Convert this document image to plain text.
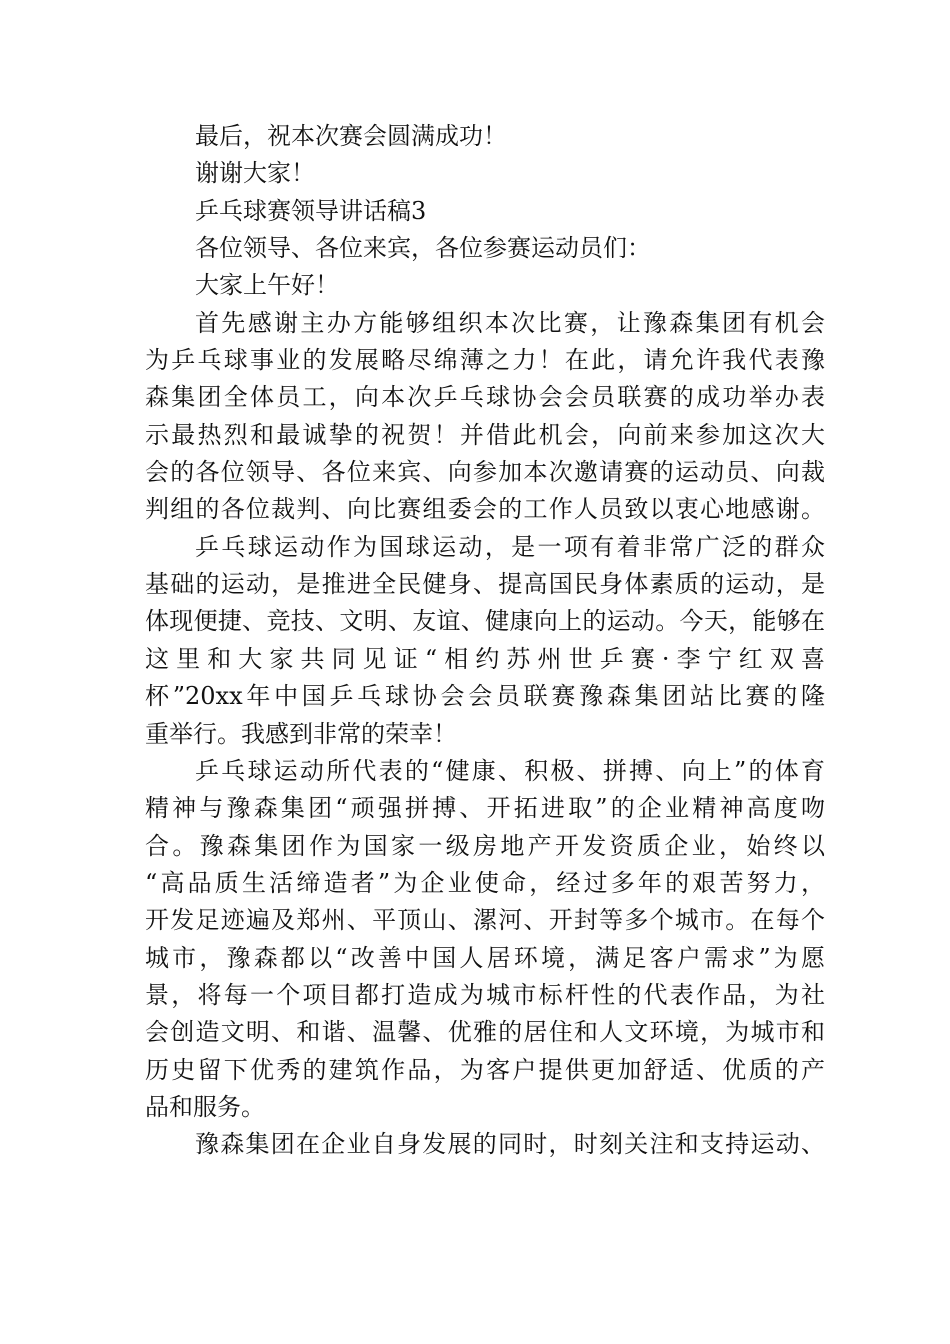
最后，祝本次赛会圆满成功！
谢谢大家！
乒乓球赛领导讲话稿3
各位领导、各位来宾，各位参赛运动员们：
大家上午好！
首先感谢主办方能够组织本次比赛，让豫森集团有机会
为乒乓球事业的发展略尽绵薄之力！在此，请允许我代表豫
森集团全体员工，向本次乒乓球协会会员联赛的成功举办表
示最热烈和最诚挚的祝贺！并借此机会，向前来参加这次大
会的各位领导、各位来宾、向参加本次邀请赛的运动员、向裁
判组的各位裁判、向比赛组委会的工作人员致以衷心地感谢。
乒乓球运动作为国球运动，是一项有着非常广泛的群众
基础的运动，是推进全民健身、提高国民身体素质的运动，是
体现便捷、竞技、文明、友谊、健康向上的运动。今天，能够在
这里和大家共同见证“相约苏州世乒赛·李宁红双喜
杯”20xx年中国乒乓球协会会员联赛豫森集团站比赛的隆
重举行。我感到非常的荣幸！
乒乓球运动所代表的“健康、积极、拼搏、向上”的体育
精神与豫森集团“顽强拼搏、开拓进取”的企业精神高度吻
合。豫森集团作为国家一级房地产开发资质企业，始终以
“高品质生活缔造者”为企业使命，经过多年的艰苦努力，
开发足迹遍及郑州、平顶山、漯河、开封等多个城市。在每个
城市，豫森都以“改善中国人居环境，满足客户需求”为愿
景，将每一个项目都打造成为城市标杆性的代表作品，为社
会创造文明、和谐、温馨、优雅的居住和人文环境，为城市和
历史留下优秀的建筑作品，为客户提供更加舒适、优质的产
品和服务。
豫森集团在企业自身发展的同时，时刻关注和支持运动、
